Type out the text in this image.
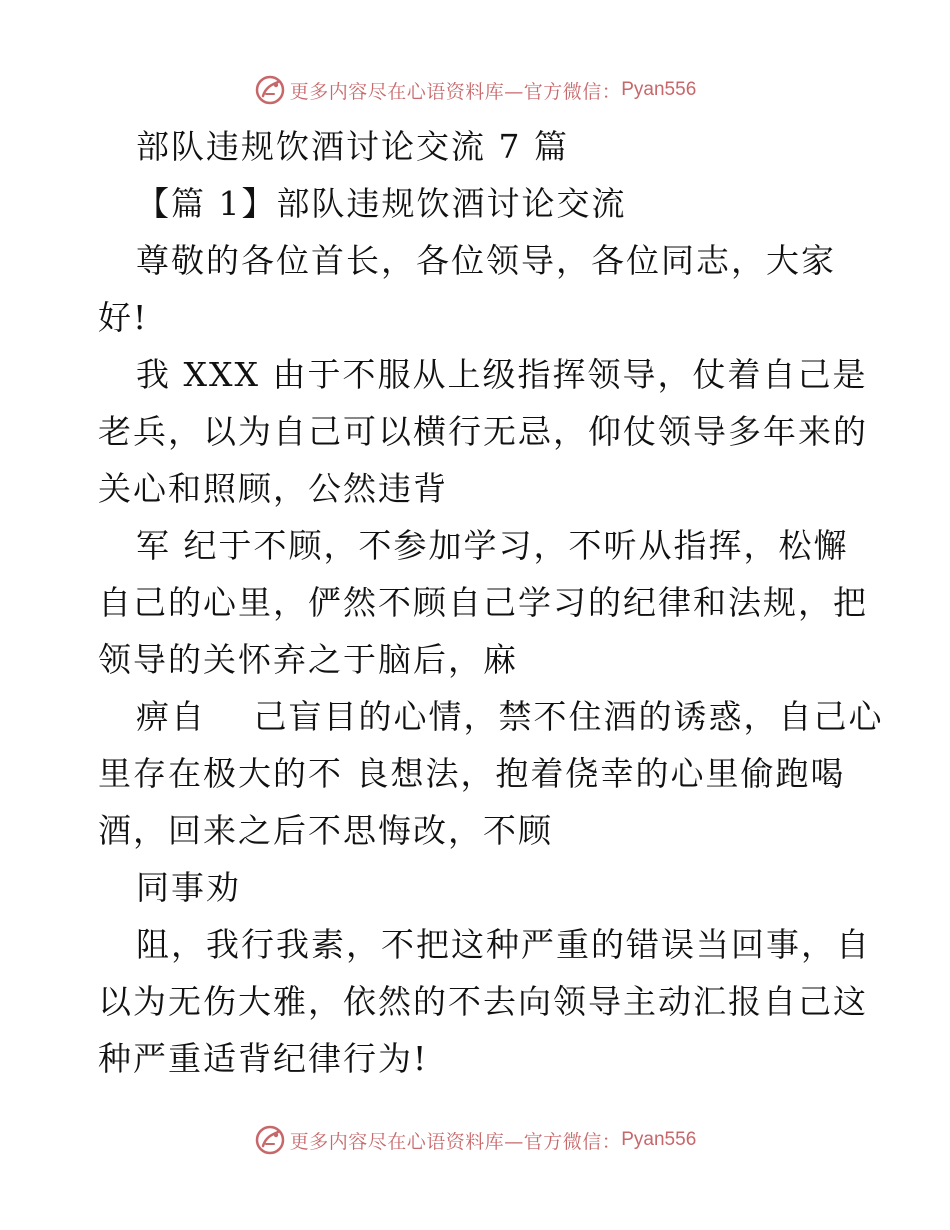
更多内容尽在心语资料库—官方微信： Pyan556
部队违规饮酒讨论交流 7 篇
【篇 1】部队违规饮酒讨论交流
尊敬的各位首长，各位领导，各位同志，大家
好!
我 XXX 由于不服从上级指挥领导，仗着自己是
老兵，以为自己可以横行无忌，仰仗领导多年来的
关心和照顾，公然违背
军 纪于不顾，不参加学习，不听从指挥，松懈
自己的心里，俨然不顾自己学习的纪律和法规，把
领导的关怀弃之于脑后，麻
痹自　 己盲目的心情，禁不住酒的诱惑，自己心
里存在极大的不 良想法，抱着侥幸的心里偷跑喝
酒，回来之后不思悔改，不顾
同事劝
阻，我行我素，不把这种严重的错误当回事，自
以为无伤大雅，依然的不去向领导主动汇报自己这
种严重适背纪律行为!
更多内容尽在心语资料库—官方微信： Pyan556
